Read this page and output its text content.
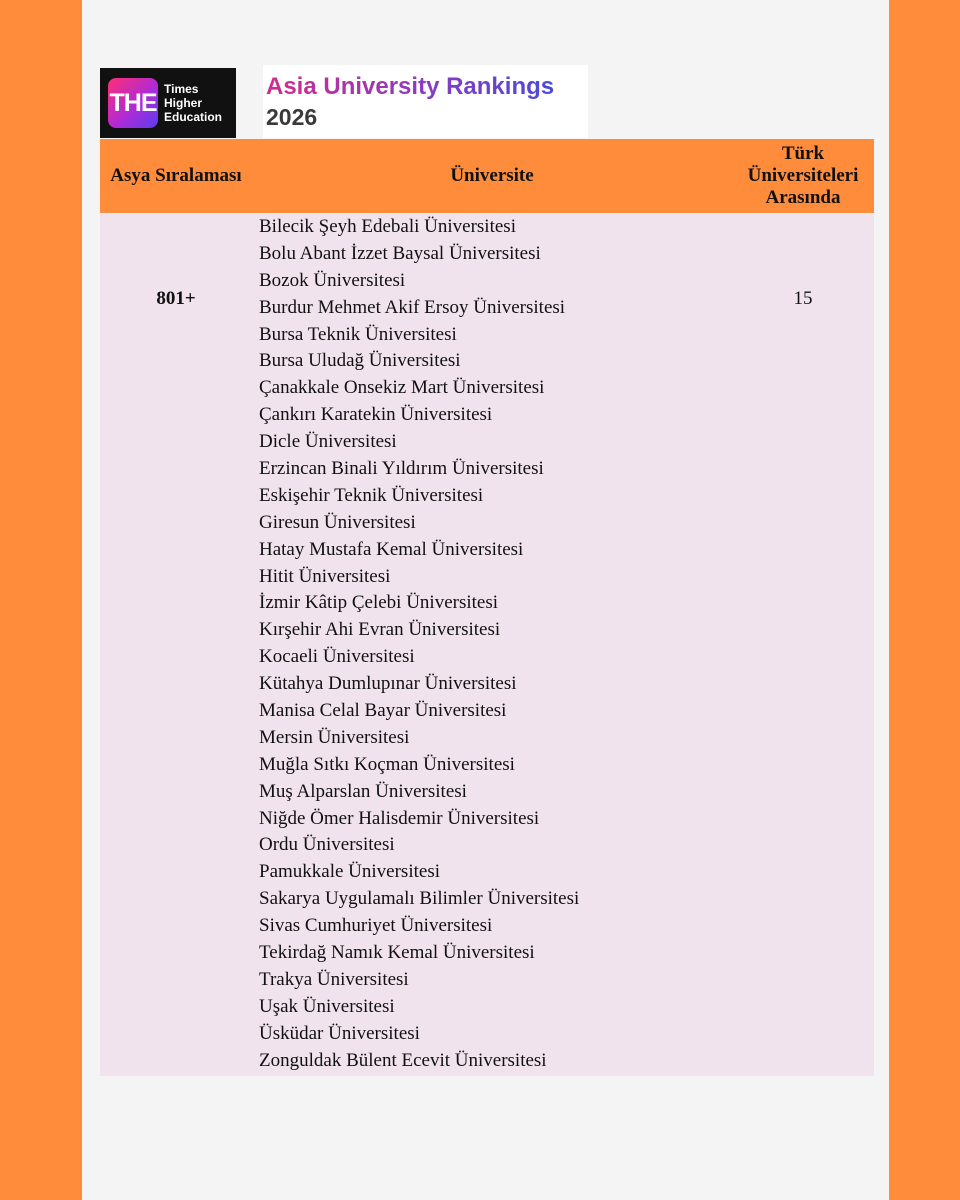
THE Times
Higher
Education
Asia University Rankings
2026
Asya Sıralaması	Üniversite
Türk
Üniversiteleri
Arasında
801+
Bilecik Şeyh Edebali Üniversitesi
Bolu Abant İzzet Baysal Üniversitesi
Bozok Üniversitesi
Burdur Mehmet Akif Ersoy Üniversitesi
Bursa Teknik Üniversitesi
Bursa Uludağ Üniversitesi
Çanakkale Onsekiz Mart Üniversitesi
Çankırı Karatekin Üniversitesi
Dicle Üniversitesi
Erzincan Binali Yıldırım Üniversitesi
Eskişehir Teknik Üniversitesi
Giresun Üniversitesi
Hatay Mustafa Kemal Üniversitesi
Hitit Üniversitesi
İzmir Kâtip Çelebi Üniversitesi
Kırşehir Ahi Evran Üniversitesi
Kocaeli Üniversitesi
Kütahya Dumlupınar Üniversitesi
Manisa Celal Bayar Üniversitesi
Mersin Üniversitesi
Muğla Sıtkı Koçman Üniversitesi
Muş Alparslan Üniversitesi
Niğde Ömer Halisdemir Üniversitesi
Ordu Üniversitesi
Pamukkale Üniversitesi
Sakarya Uygulamalı Bilimler Üniversitesi
Sivas Cumhuriyet Üniversitesi
Tekirdağ Namık Kemal Üniversitesi
Trakya Üniversitesi
Uşak Üniversitesi
Üsküdar Üniversitesi
Zonguldak Bülent Ecevit Üniversitesi
15
